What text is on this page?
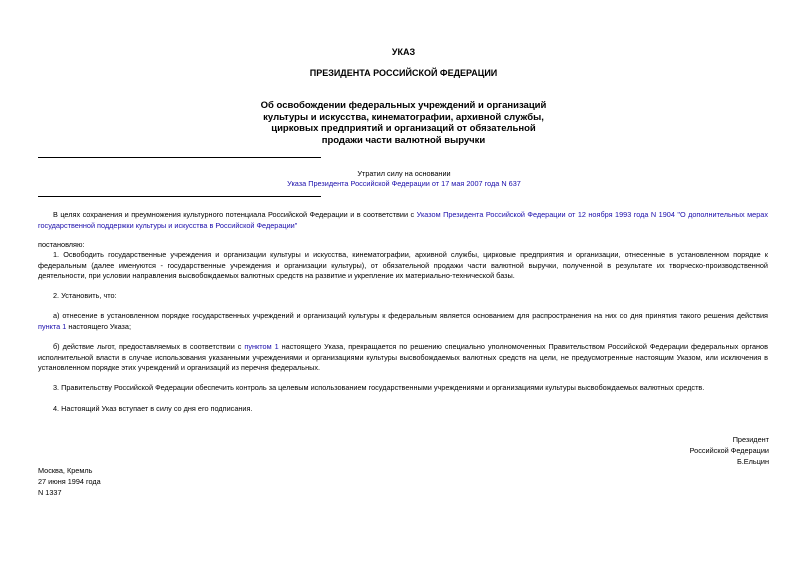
УКАЗ
ПРЕЗИДЕНТА РОССИЙСКОЙ ФЕДЕРАЦИИ
Об освобождении федеральных учреждений и организаций
культуры и искусства, кинематографии, архивной службы,
цирковых предприятий и организаций от обязательной
продажи части валютной выручки
Утратил силу на основании
Указа Президента Российской Федерации от 17 мая 2007 года N 637
В целях сохранения и преумножения культурного потенциала Российской Федерации и в соответствии с Указом Президента Российской Федерации от 12 ноября 1993 года N 1904 "О дополнительных мерах государственной поддержки культуры и искусства в Российской Федерации"
постановляю:
1. Освободить государственные учреждения и организации культуры и искусства, кинематографии, архивной службы, цирковые предприятия и организации, отнесенные в установленном порядке к федеральным (далее именуются - государственные учреждения и организации культуры), от обязательной продажи части валютной выручки, полученной в результате их творческо-производственной деятельности, при условии направления высвобождаемых валютных средств на развитие и укрепление их материально-технической базы.
2. Установить, что:
а) отнесение в установленном порядке государственных учреждений и организаций культуры к федеральным является основанием для распространения на них со дня принятия такого решения действия пункта 1 настоящего Указа;
б) действие льгот, предоставляемых в соответствии с пунктом 1 настоящего Указа, прекращается по решению специально уполномоченных Правительством Российской Федерации федеральных органов исполнительной власти в случае использования указанными учреждениями и организациями культуры высвобождаемых валютных средств на цели, не предусмотренные настоящим Указом, или исключения в установленном порядке этих учреждений и организаций из перечня федеральных.
3. Правительству Российской Федерации обеспечить контроль за целевым использованием государственными учреждениями и организациями культуры высвобождаемых валютных средств.
4. Настоящий Указ вступает в силу со дня его подписания.
Президент
Российской Федерации
Б.Ельцин
Москва, Кремль
27 июня 1994 года
N 1337
